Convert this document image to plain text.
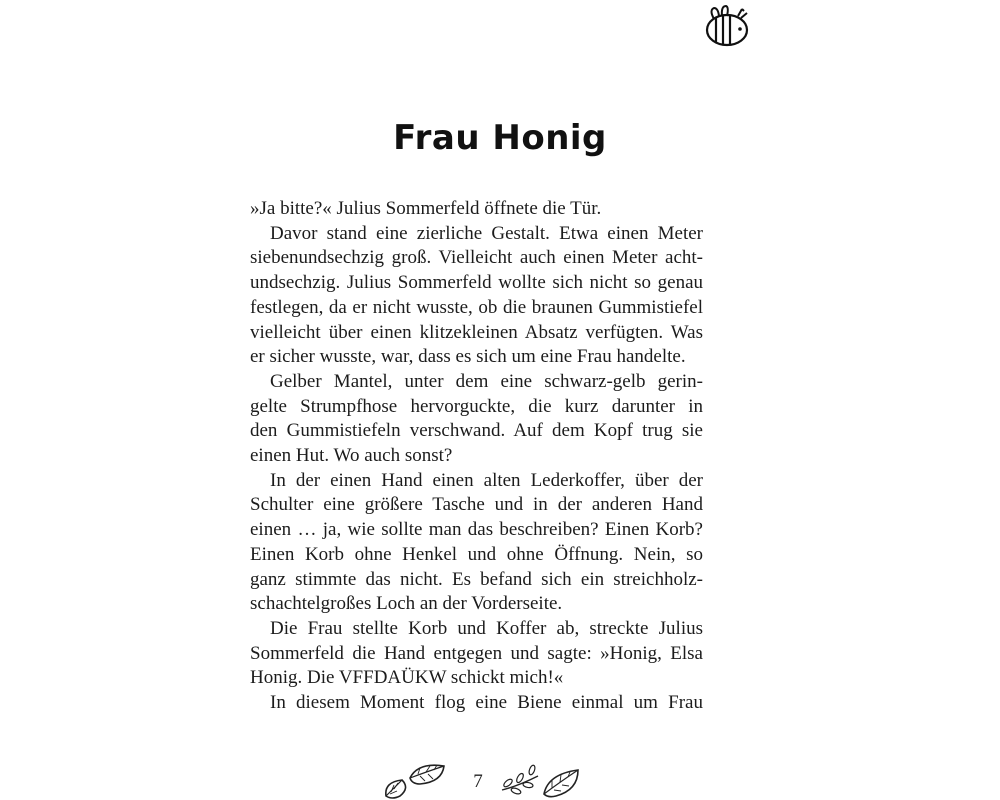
Frau Honig

»Ja bitte?« Julius Sommerfeld öffnete die Tür.

Davor stand eine zierliche Gestalt. Etwa einen Meter

siebenundsechzig groß. Vielleicht auch einen Meter acht-

undsechzig. Julius Sommerfeld wollte sich nicht so genau

festlegen, da er nicht wusste, ob die braunen Gummistiefel

vielleicht über einen klitzekleinen Absatz verfügten. Was

er sicher wusste, war, dass es sich um eine Frau handelte.

Gelber Mantel, unter dem eine schwarz-gelb gerin-

gelte Strumpfhose hervorguckte, die kurz darunter in

den Gummistiefeln verschwand. Auf dem Kopf trug sie

einen Hut. Wo auch sonst?

In der einen Hand einen alten Lederkoffer, über der

Schulter eine größere Tasche und in der anderen Hand

einen … ja, wie sollte man das beschreiben? Einen Korb?

Einen Korb ohne Henkel und ohne Öffnung. Nein, so

ganz stimmte das nicht. Es befand sich ein streichholz-

schachtelgroßes Loch an der Vorderseite.

Die Frau stellte Korb und Koffer ab, streckte Julius

Sommerfeld die Hand entgegen und sagte: »Honig, Elsa

Honig. Die VFFDAÜKW schickt mich!«

In diesem Moment flog eine Biene einmal um Frau

7
